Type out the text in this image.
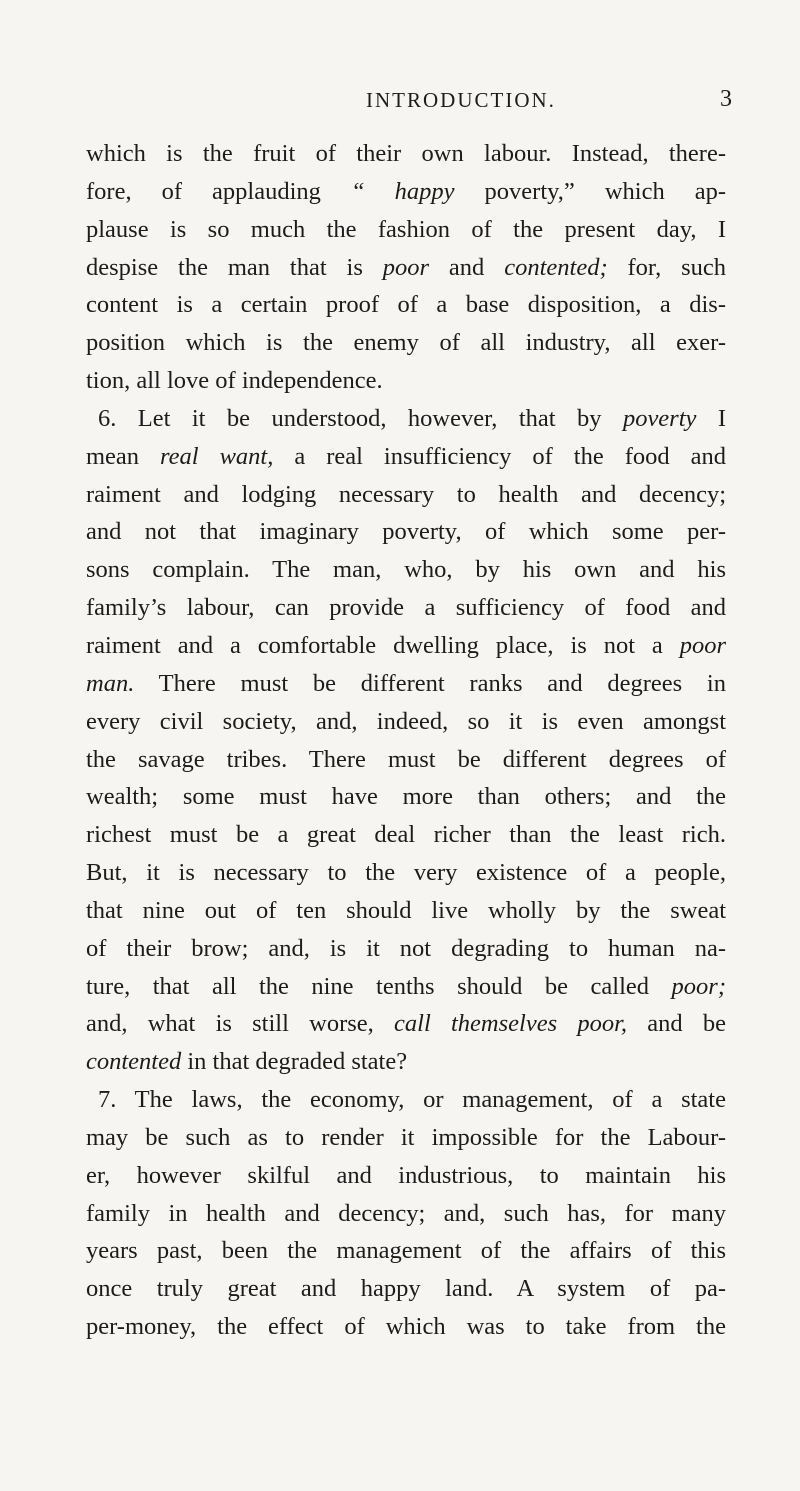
INTRODUCTION.	3
which is the fruit of their own labour. Instead, there-
fore, of applauding “ happy poverty,” which ap-
plause is so much the fashion of the present day, I
despise the man that is poor and contented; for, such
content is a certain proof of a base disposition, a dis-
position which is the enemy of all industry, all exer-
tion, all love of independence.
6. Let it be understood, however, that by poverty I
mean real want, a real insufficiency of the food and
raiment and lodging necessary to health and decency;
and not that imaginary poverty, of which some per-
sons complain. The man, who, by his own and his
family’s labour, can provide a sufficiency of food and
raiment and a comfortable dwelling place, is not a poor
man. There must be different ranks and degrees in
every civil society, and, indeed, so it is even amongst
the savage tribes. There must be different degrees of
wealth; some must have more than others; and the
richest must be a great deal richer than the least rich.
But, it is necessary to the very existence of a people,
that nine out of ten should live wholly by the sweat
of their brow; and, is it not degrading to human na-
ture, that all the nine tenths should be called poor;
and, what is still worse, call themselves poor, and be
contented in that degraded state?
7. The laws, the economy, or management, of a state
may be such as to render it impossible for the Labour-
er, however skilful and industrious, to maintain his
family in health and decency; and, such has, for many
years past, been the management of the affairs of this
once truly great and happy land. A system of pa-
per-money, the effect of which was to take from the
